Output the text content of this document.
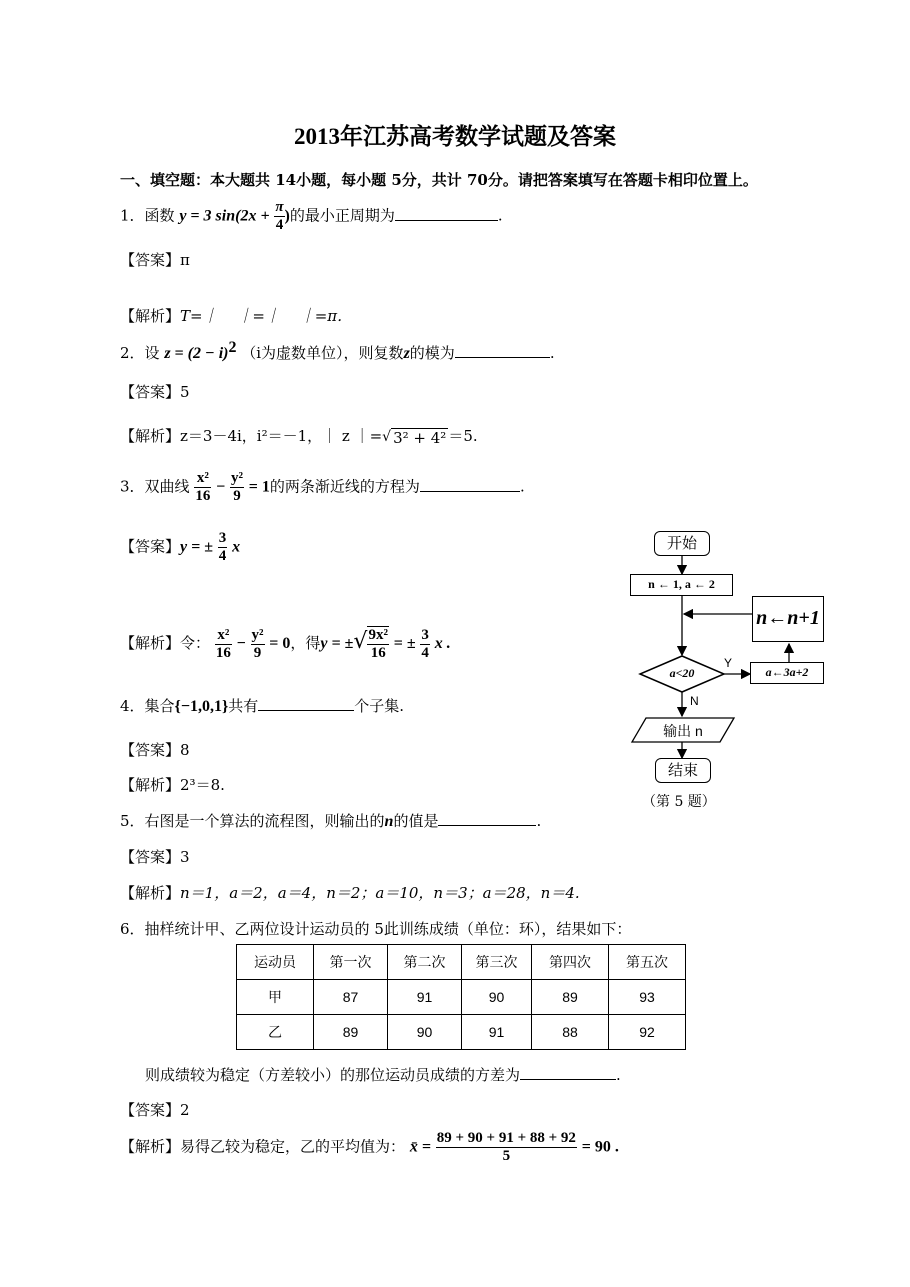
2013年江苏高考数学试题及答案
一、填空题：本大题共 14小题，每小题 5分，共计 70分。请把答案填写在答题卡相印位置上。
1．函数 y = 3 $\sin(2x + \frac{\pi}{4}$ )的最小正周期为	.
【答案】π
【解析】T=｜　 ｜=｜　 ｜=π．
2．设 $z = (2 - i)^2$ （i为虚数单位），则复数z的模为	.
【答案】5
【解析】z＝3－4i，i²＝－1，｜ z ｜=√ 3² + 4² ＝5.
3．双曲线 $\frac{\text{x²}}{16} - \frac{\text{y²}}{9} = 1$的两条渐近线的方程为	.
【答案】y = ± $\frac{3}{4}$ x
【解析】令： $\frac{\text{x²}}{16} - \frac{\text{y²}}{9} = 0$，得y = ±√ $\frac{\text{9x²}}{16}$ = ± $\frac{3}{4}$ x .
4．集合{−1,0,1}共有	个子集.
【答案】8
【解析】2³＝8.
5．右图是一个算法的流程图，则输出的n的值是	.
【答案】3
【解析】n＝1，a＝2，a＝4，n＝2；a＝10，n＝3；a＝28，n＝4.
开始
n ← 1, a ← 2
n←n+1
a<20
Y
N
a←3a+2
输出 n
结束
（第 5 题）
6．抽样统计甲、乙两位设计运动员的 5此训练成绩（单位：环），结果如下：
运动员	第一次	第二次	第三次	第四次	第五次
甲	87	91	90	89	93
乙	89	90	91	88	92
则成绩较为稳定（方差较小）的那位运动员成绩的方差为	.
【答案】2
【解析】易得乙较为稳定，乙的平均值为： x̄ = $\frac{89 + 90 + 91 + 88 + 92}{5} = 90$ .
